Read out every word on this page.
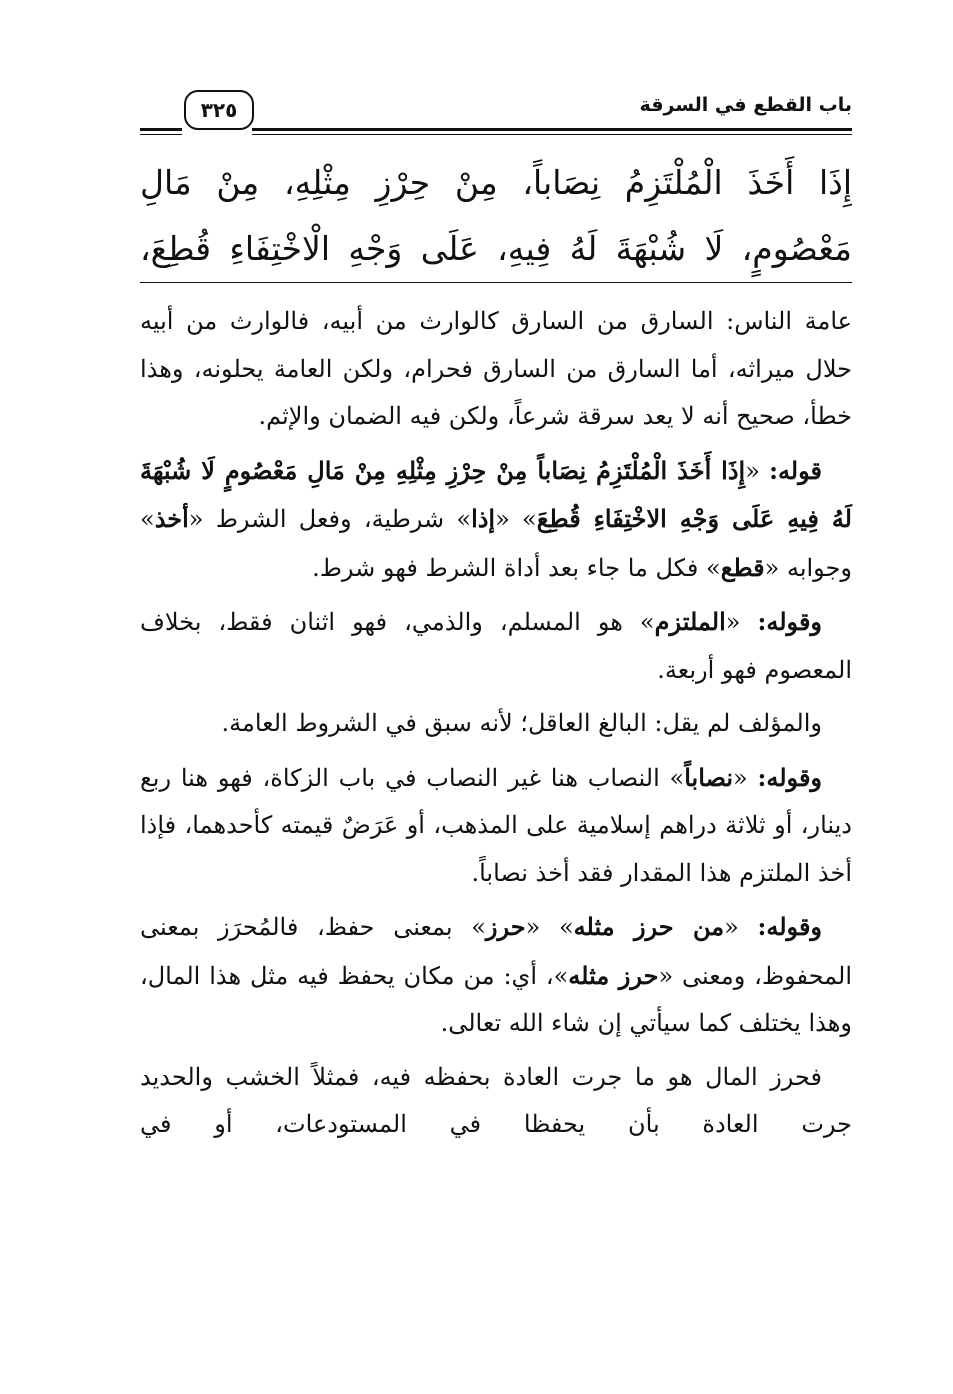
باب القطع في السرقة
٣٢٥
إِذَا أَخَذَ الْمُلْتَزِمُ نِصَاباً، مِنْ حِرْزِ مِثْلِهِ، مِنْ مَالِ
مَعْصُومٍ، لَا شُبْهَةَ لَهُ فِيهِ، عَلَى وَجْهِ الْاخْتِفَاءِ قُطِعَ،

عامة الناس: السارق من السارق كالوارث من أبيه، فالوارث من أبيه حلال ميراثه، أما السارق من السارق فحرام، ولكن العامة يحلونه، وهذا خطأ، صحيح أنه لا يعد سرقة شرعاً، ولكن فيه الضمان والإثم.

قوله: «إِذَا أَخَذَ الْمُلْتَزِمُ نِصَاباً مِنْ حِرْزِ مِثْلِهِ مِنْ مَالِ مَعْصُومٍ لَا شُبْهَةَ لَهُ فِيهِ عَلَى وَجْهِ الاخْتِفَاءِ قُطِعَ» «إذا» شرطية، وفعل الشرط «أخذ» وجوابه «قطع» فكل ما جاء بعد أداة الشرط فهو شرط.

وقوله: «الملتزم» هو المسلم، والذمي، فهو اثنان فقط، بخلاف المعصوم فهو أربعة.

والمؤلف لم يقل: البالغ العاقل؛ لأنه سبق في الشروط العامة.

وقوله: «نصاباً» النصاب هنا غير النصاب في باب الزكاة، فهو هنا ربع دينار، أو ثلاثة دراهم إسلامية على المذهب، أو عَرَضٌ قيمته كأحدهما، فإذا أخذ الملتزم هذا المقدار فقد أخذ نصاباً.

وقوله: «من حرز مثله» «حرز» بمعنى حفظ، فالمُحرَز بمعنى المحفوظ، ومعنى «حرز مثله»، أي: من مكان يحفظ فيه مثل هذا المال، وهذا يختلف كما سيأتي إن شاء الله تعالى.

فحرز المال هو ما جرت العادة بحفظه فيه، فمثلاً الخشب والحديد جرت العادة بأن يحفظا في المستودعات، أو في
